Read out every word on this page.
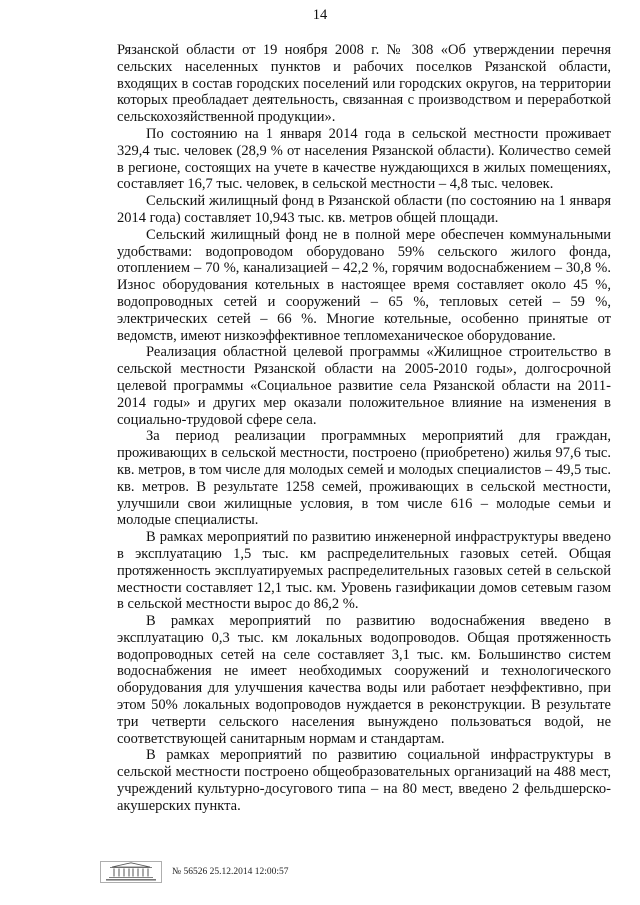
14

Рязанской области от 19 ноября 2008 г. № 308 «Об утверждении перечня сельских населенных пунктов и рабочих поселков Рязанской области, входящих в состав городских поселений или городских округов, на территории которых преобладает деятельность, связанная с производством и переработкой сельскохозяйственной продукции».

По состоянию на 1 января 2014 года в сельской местности проживает 329,4 тыс. человек (28,9 % от населения Рязанской области). Количество семей в регионе, состоящих на учете в качестве нуждающихся в жилых помещениях, составляет 16,7 тыс. человек, в сельской местности – 4,8 тыс. человек.

Сельский жилищный фонд в Рязанской области (по состоянию на 1 января 2014 года) составляет 10,943 тыс. кв. метров общей площади.

Сельский жилищный фонд не в полной мере обеспечен коммунальными удобствами: водопроводом оборудовано 59% сельского жилого фонда, отоплением – 70 %, канализацией – 42,2 %, горячим водоснабжением – 30,8 %. Износ оборудования котельных в настоящее время составляет около 45 %, водопроводных сетей и сооружений – 65 %, тепловых сетей – 59 %, электрических сетей – 66 %. Многие котельные, особенно принятые от ведомств, имеют низкоэффективное тепломеханическое оборудование.

Реализация областной целевой программы «Жилищное строительство в сельской местности Рязанской области на 2005-2010 годы», долгосрочной целевой программы «Социальное развитие села Рязанской области на 2011-2014 годы» и других мер оказали положительное влияние на изменения в социально-трудовой сфере села.

За период реализации программных мероприятий для граждан, проживающих в сельской местности, построено (приобретено) жилья 97,6 тыс. кв. метров, в том числе для молодых семей и молодых специалистов – 49,5 тыс. кв. метров. В результате 1258 семей, проживающих в сельской местности, улучшили свои жилищные условия, в том числе 616 – молодые семьи и молодые специалисты.

В рамках мероприятий по развитию инженерной инфраструктуры введено в эксплуатацию 1,5 тыс. км распределительных газовых сетей. Общая протяженность эксплуатируемых распределительных газовых сетей в сельской местности составляет 12,1 тыс. км. Уровень газификации домов сетевым газом в сельской местности вырос до 86,2 %.

В рамках мероприятий по развитию водоснабжения введено в эксплуатацию 0,3 тыс. км локальных водопроводов. Общая протяженность водопроводных сетей на селе составляет 3,1 тыс. км. Большинство систем водоснабжения не имеет необходимых сооружений и технологического оборудования для улучшения качества воды или работает неэффективно, при этом 50% локальных водопроводов нуждается в реконструкции. В результате три четверти сельского населения вынуждено пользоваться водой, не соответствующей санитарным нормам и стандартам.

В рамках мероприятий по развитию социальной инфраструктуры в сельской местности построено общеобразовательных организаций на 488 мест, учреждений культурно-досугового типа – на 80 мест, введено 2 фельдшерско-акушерских пункта.

№ 56526 25.12.2014 12:00:57
